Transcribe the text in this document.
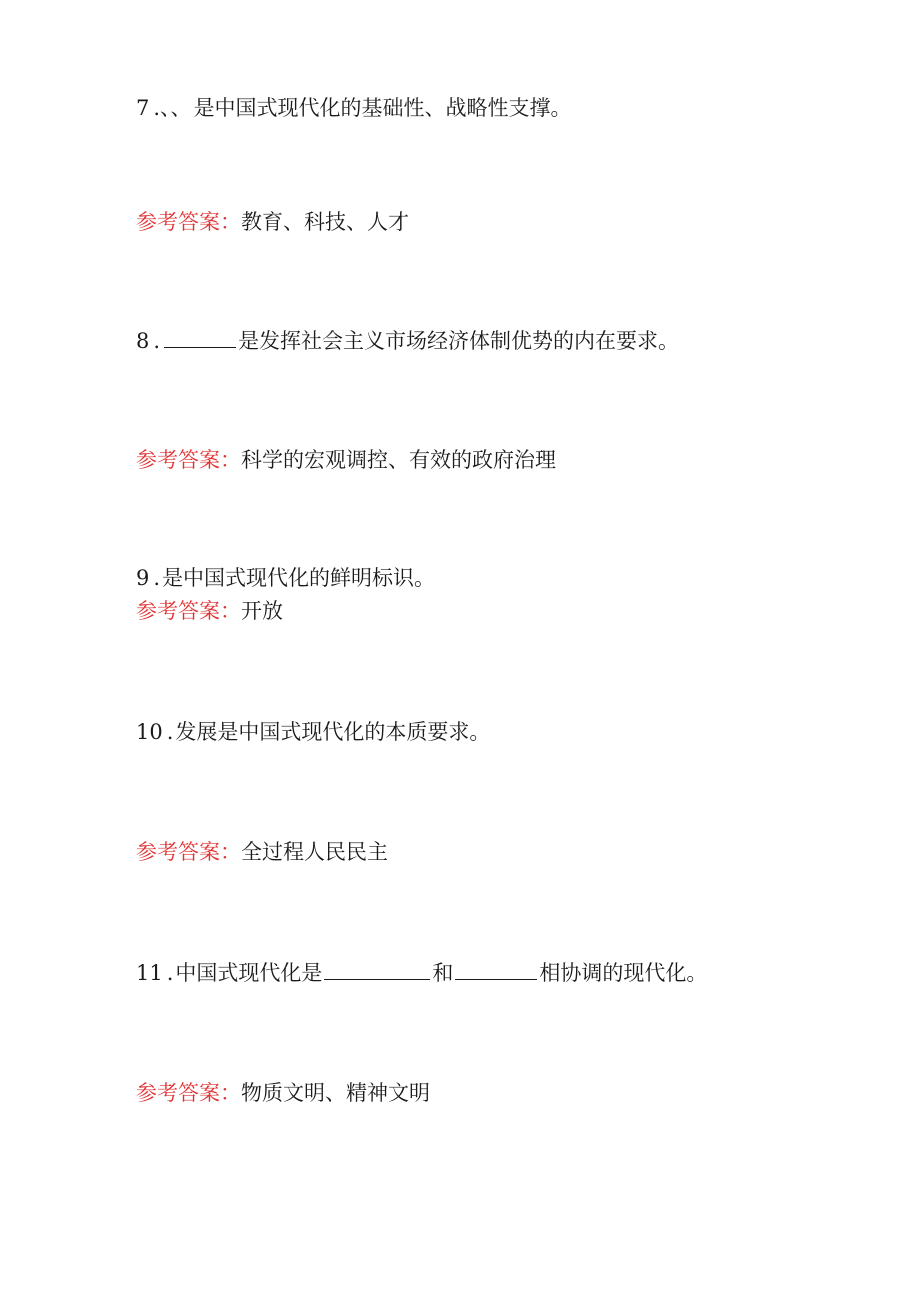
7 .、、是中国式现代化的基础性、战略性支撑。

参考答案：教育、科技、人才

8 .	是发挥社会主义市场经济体制优势的内在要求。

参考答案：科学的宏观调控、有效的政府治理

9 .是中国式现代化的鲜明标识。

参考答案：开放

10 .发展是中国式现代化的本质要求。

参考答案：全过程人民民主

11 .中国式现代化是	和	相协调的现代化。

参考答案：物质文明、精神文明
